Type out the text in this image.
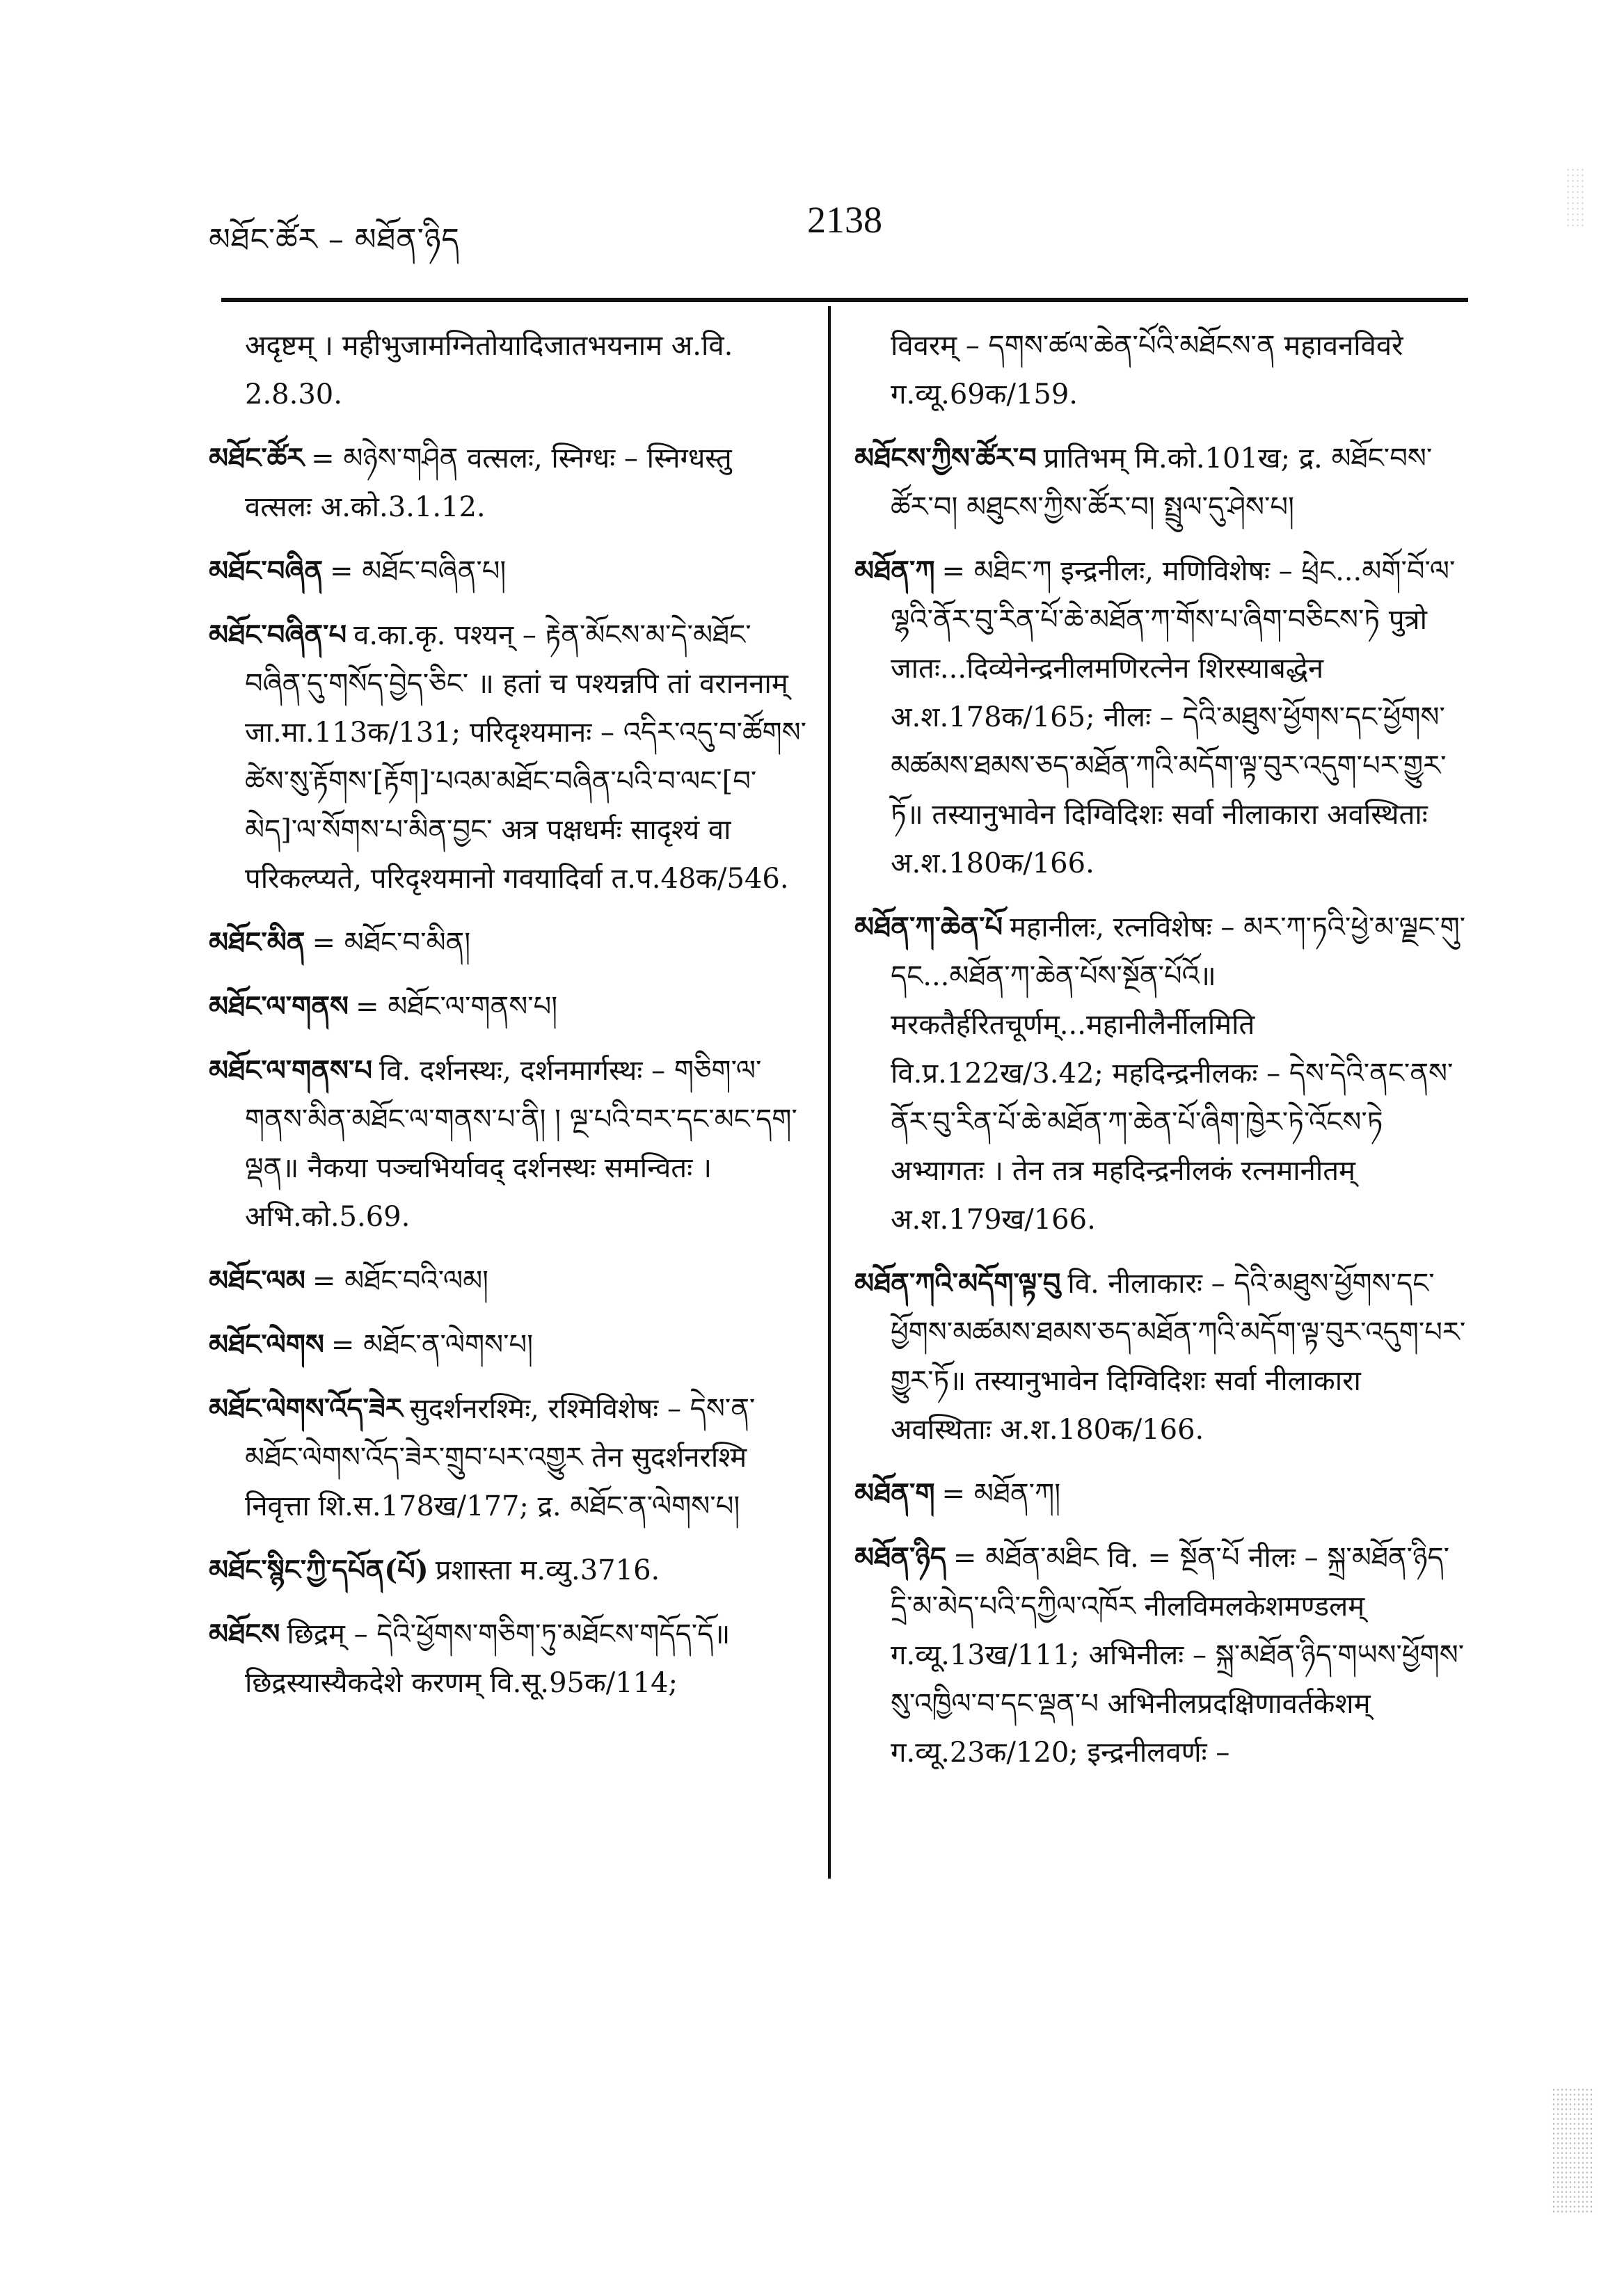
མཐོང་ཚོར – མཐོན་ཉིད	2138

अदृष्टम् । महीभुजामग्नितोयादिजातभयनाम अ.वि. 2.8.30.

མཐོང་ཚོར = མཉེས་གཤིན वत्सलः, स्निग्धः – स्निग्धस्तु वत्सलः अ.को.3.1.12.

མཐོང་བཞིན = མཐོང་བཞིན་པ།

མཐོང་བཞིན་པ व.का.कृ. पश्यन् – རྟེན་མོངས་མ་དེ་མཐོང་བཞིན་དུ་གསོད་བྱེད་ཅིང་ ॥ हतां च पश्यन्नपि तां वराननाम् जा.मा.113क/131; परिदृश्यमानः – འདིར་འདུ་བ་ཚོགས་ཚེས་སུ་རྟོགས་[རྟོག]་པའམ་མཐོང་བཞིན་པའི་བ་ལང་[བ་མེད]་ལ་སོགས་པ་མིན་བྱང་ अत्र पक्षधर्मः सादृश्यं वा परिकल्प्यते, परिदृश्यमानो गवयादिर्वा त.प.48क/546.

མཐོང་མིན = མཐོང་བ་མིན།

མཐོང་ལ་གནས = མཐོང་ལ་གནས་པ།

མཐོང་ལ་གནས་པ वि. दर्शनस्थः, दर्शनमार्गस्थः – གཅིག་ལ་གནས་མིན་མཐོང་ལ་གནས་པ་ནི། ། ལྔ་པའི་བར་དང་མང་དག་ལྡན॥ नैकया पञ्चभिर्यावद् दर्शनस्थः समन्वितः । अभि.को.5.69.

མཐོང་ལམ = མཐོང་བའི་ལམ།

མཐོང་ལེགས = མཐོང་ན་ལེགས་པ།

མཐོང་ལེགས་འོད་ཟེར सुदर्शनरश्मिः, रश्मिविशेषः – དེས་ན་མཐོང་ལེགས་འོད་ཟེར་གྲུབ་པར་འགྱུར तेन सुदर्शनरश्मि निवृत्ता शि.स.178ख/177; द्र. མཐོང་ན་ལེགས་པ།

མཐོང་སྙིང་ཀྱི་དཔོན(པོ) प्रशास्ता म.व्यु.3716.

མཐོངས छिद्रम् – དེའི་ཕྱོགས་གཅིག་ཏུ་མཐོངས་གདོད་དོ॥ छिद्रस्यास्यैकदेशे करणम् वि.सू.95क/114;

विवरम् – དགས་ཚལ་ཆེན་པོའི་མཐོངས་ན महावनविवरे ग.व्यू.69क/159.

མཐོངས་ཀྱིས་ཚོར་བ प्रातिभम् मि.को.101ख; द्र. མཐོང་བས་ཚོར་བ། མཐུངས་ཀྱིས་ཚོར་བ། སྤྲུལ་དུ་ཤེས་པ།

མཐོན་ཀ = མཐིང་ཀ इन्द्रनीलः, मणिविशेषः – ཕྲེང...མགོ་བོ་ལ་ལྷའི་ནོར་བུ་རིན་པོ་ཆེ་མཐོན་ཀ་གོས་པ་ཞིག་བཅིངས་ཏེ पुत्रो जातः...दिव्येनेन्द्रनीलमणिरत्नेन शिरस्याबद्धेन अ.श.178क/165; नीलः – དེའི་མཐུས་ཕྱོགས་དང་ཕྱོགས་མཚམས་ཐམས་ཅད་མཐོན་ཀའི་མདོག་ལྟ་བུར་འདུག་པར་གྱུར་ཏོ॥ तस्यानुभावेन दिग्विदिशः सर्वा नीलाकारा अवस्थिताः अ.श.180क/166.

མཐོན་ཀ་ཆེན་པོ महानीलः, रत्नविशेषः – མར་ཀ་ཏའི་ཕྱེ་མ་ལྗང་གུ་དང...མཐོན་ཀ་ཆེན་པོས་སྔོན་པོའོ॥ मरकतैर्हरितचूर्णम्...महानीलैर्नीलमिति वि.प्र.122ख/3.42; महदिन्द्रनीलकः – དེས་དེའི་ནང་ནས་ནོར་བུ་རིན་པོ་ཆེ་མཐོན་ཀ་ཆེན་པོ་ཞིག་ཁྱེར་ཏེ་འོངས་ཏེ अभ्यागतः । तेन तत्र महदिन्द्रनीलकं रत्नमानीतम् अ.श.179ख/166.

མཐོན་ཀའི་མདོག་ལྟ་བུ वि. नीलाकारः – དེའི་མཐུས་ཕྱོགས་དང་ཕྱོགས་མཚམས་ཐམས་ཅད་མཐོན་ཀའི་མདོག་ལྟ་བུར་འདུག་པར་གྱུར་ཏོ॥ तस्यानुभावेन दिग्विदिशः सर्वा नीलाकारा अवस्थिताः अ.श.180क/166.

མཐོན་ག = མཐོན་ཀ།

མཐོན་ཉིད = མཐོན་མཐིང वि. = སྔོན་པོ नीलः – སྐྲ་མཐོན་ཉིད་དྲི་མ་མེད་པའི་དཀྱིལ་འཁོར नीलविमलकेशमण्डलम् ग.व्यू.13ख/111; अभिनीलः – སྐྲ་མཐོན་ཉིད་གཡས་ཕྱོགས་སུ་འཁྱིལ་བ་དང་ལྡན་པ अभिनीलप्रदक्षिणावर्तकेशम् ग.व्यू.23क/120; इन्द्रनीलवर्णः –
